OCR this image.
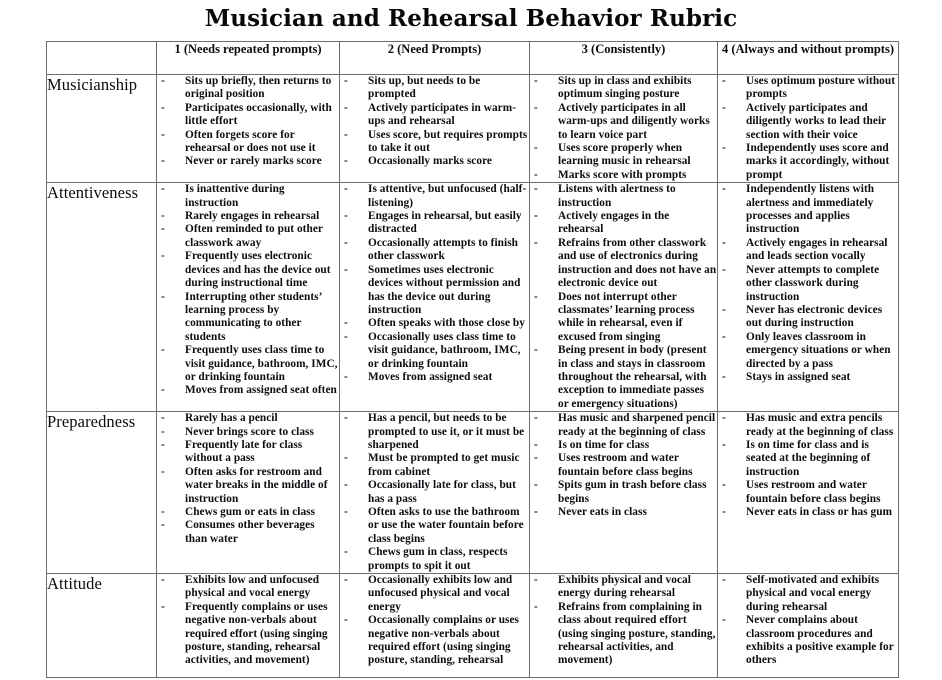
Musician and Rehearsal Behavior Rubric
	1 (Needs repeated prompts)	2 (Need Prompts)	3 (Consistently)	4 (Always and without prompts)
Musicianship	
-Sits up briefly, then returns to original position
- Participates occasionally, with little effort
- Often forgets score for rehearsal or does not use it
- Never or rarely marks score

- Sits up, but needs to be prompted
- Actively participates in warm-ups and rehearsal
- Uses score, but requires prompts to take it out
- Occasionally marks score

- Sits up in class and exhibits optimum singing posture
- Actively participates in all warm-ups and diligently works to learn voice part
- Uses score properly when learning music in rehearsal
- Marks score with prompts

- Uses optimum posture without prompts
- Actively participates and diligently works to lead their section with their voice
- Independently uses score and marks it accordingly, without prompt

Attentiveness	
-Is inattentive during instruction
- Rarely engages in rehearsal
- Often reminded to put other classwork away
- Frequently uses electronic devices and has the device out during instructional time
- Interrupting other students’ learning process by communicating to other students
- Frequently uses class time to visit guidance, bathroom, IMC, or drinking fountain
- Moves from assigned seat often

- Is attentive, but unfocused (half-listening)
- Engages in rehearsal, but easily distracted
- Occasionally attempts to finish other classwork
- Sometimes uses electronic devices without permission and has the device out during instruction
- Often speaks with those close by
- Occasionally uses class time to visit guidance, bathroom, IMC, or drinking fountain
- Moves from assigned seat

- Listens with alertness to instruction
- Actively engages in the rehearsal
- Refrains from other classwork and use of electronics during instruction and does not have an electronic device out
- Does not interrupt other classmates’ learning process while in rehearsal, even if excused from singing
- Being present in body (present in class and stays in classroom throughout the rehearsal, with exception to immediate passes or emergency situations)

- Independently listens with alertness and immediately processes and applies instruction
- Actively engages in rehearsal and leads section vocally
- Never attempts to complete other classwork during instruction
- Never has electronic devices out during instruction
- Only leaves classroom in emergency situations or when directed by a pass
- Stays in assigned seat

Preparedness	
-Rarely has a pencil
- Never brings score to class
- Frequently late for class without a pass
- Often asks for restroom and water breaks in the middle of instruction
- Chews gum or eats in class
- Consumes other beverages than water

- Has a pencil, but needs to be prompted to use it, or it must be sharpened
- Must be prompted to get music from cabinet
- Occasionally late for class, but has a pass
- Often asks to use the bathroom or use the water fountain before class begins
- Chews gum in class, respects prompts to spit it out

- Has music and sharpened pencil ready at the beginning of class
- Is on time for class
- Uses restroom and water fountain before class begins
- Spits gum in trash before class begins
- Never eats in class

- Has music and extra pencils ready at the beginning of class
- Is on time for class and is seated at the beginning of instruction
- Uses restroom and water fountain before class begins
- Never eats in class or has gum

Attitude	
-Exhibits low and unfocused physical and vocal energy
- Frequently complains or uses negative non-verbals about required effort (using singing posture, standing, rehearsal activities, and movement)

- Occasionally exhibits low and unfocused physical and vocal energy
- Occasionally complains or uses negative non-verbals about required effort (using singing posture, standing, rehearsal

- Exhibits physical and vocal energy during rehearsal
- Refrains from complaining in class about required effort (using singing posture, standing, rehearsal activities, and movement)

- Self-motivated and exhibits physical and vocal energy during rehearsal
- Never complains about classroom procedures and exhibits a positive example for others
